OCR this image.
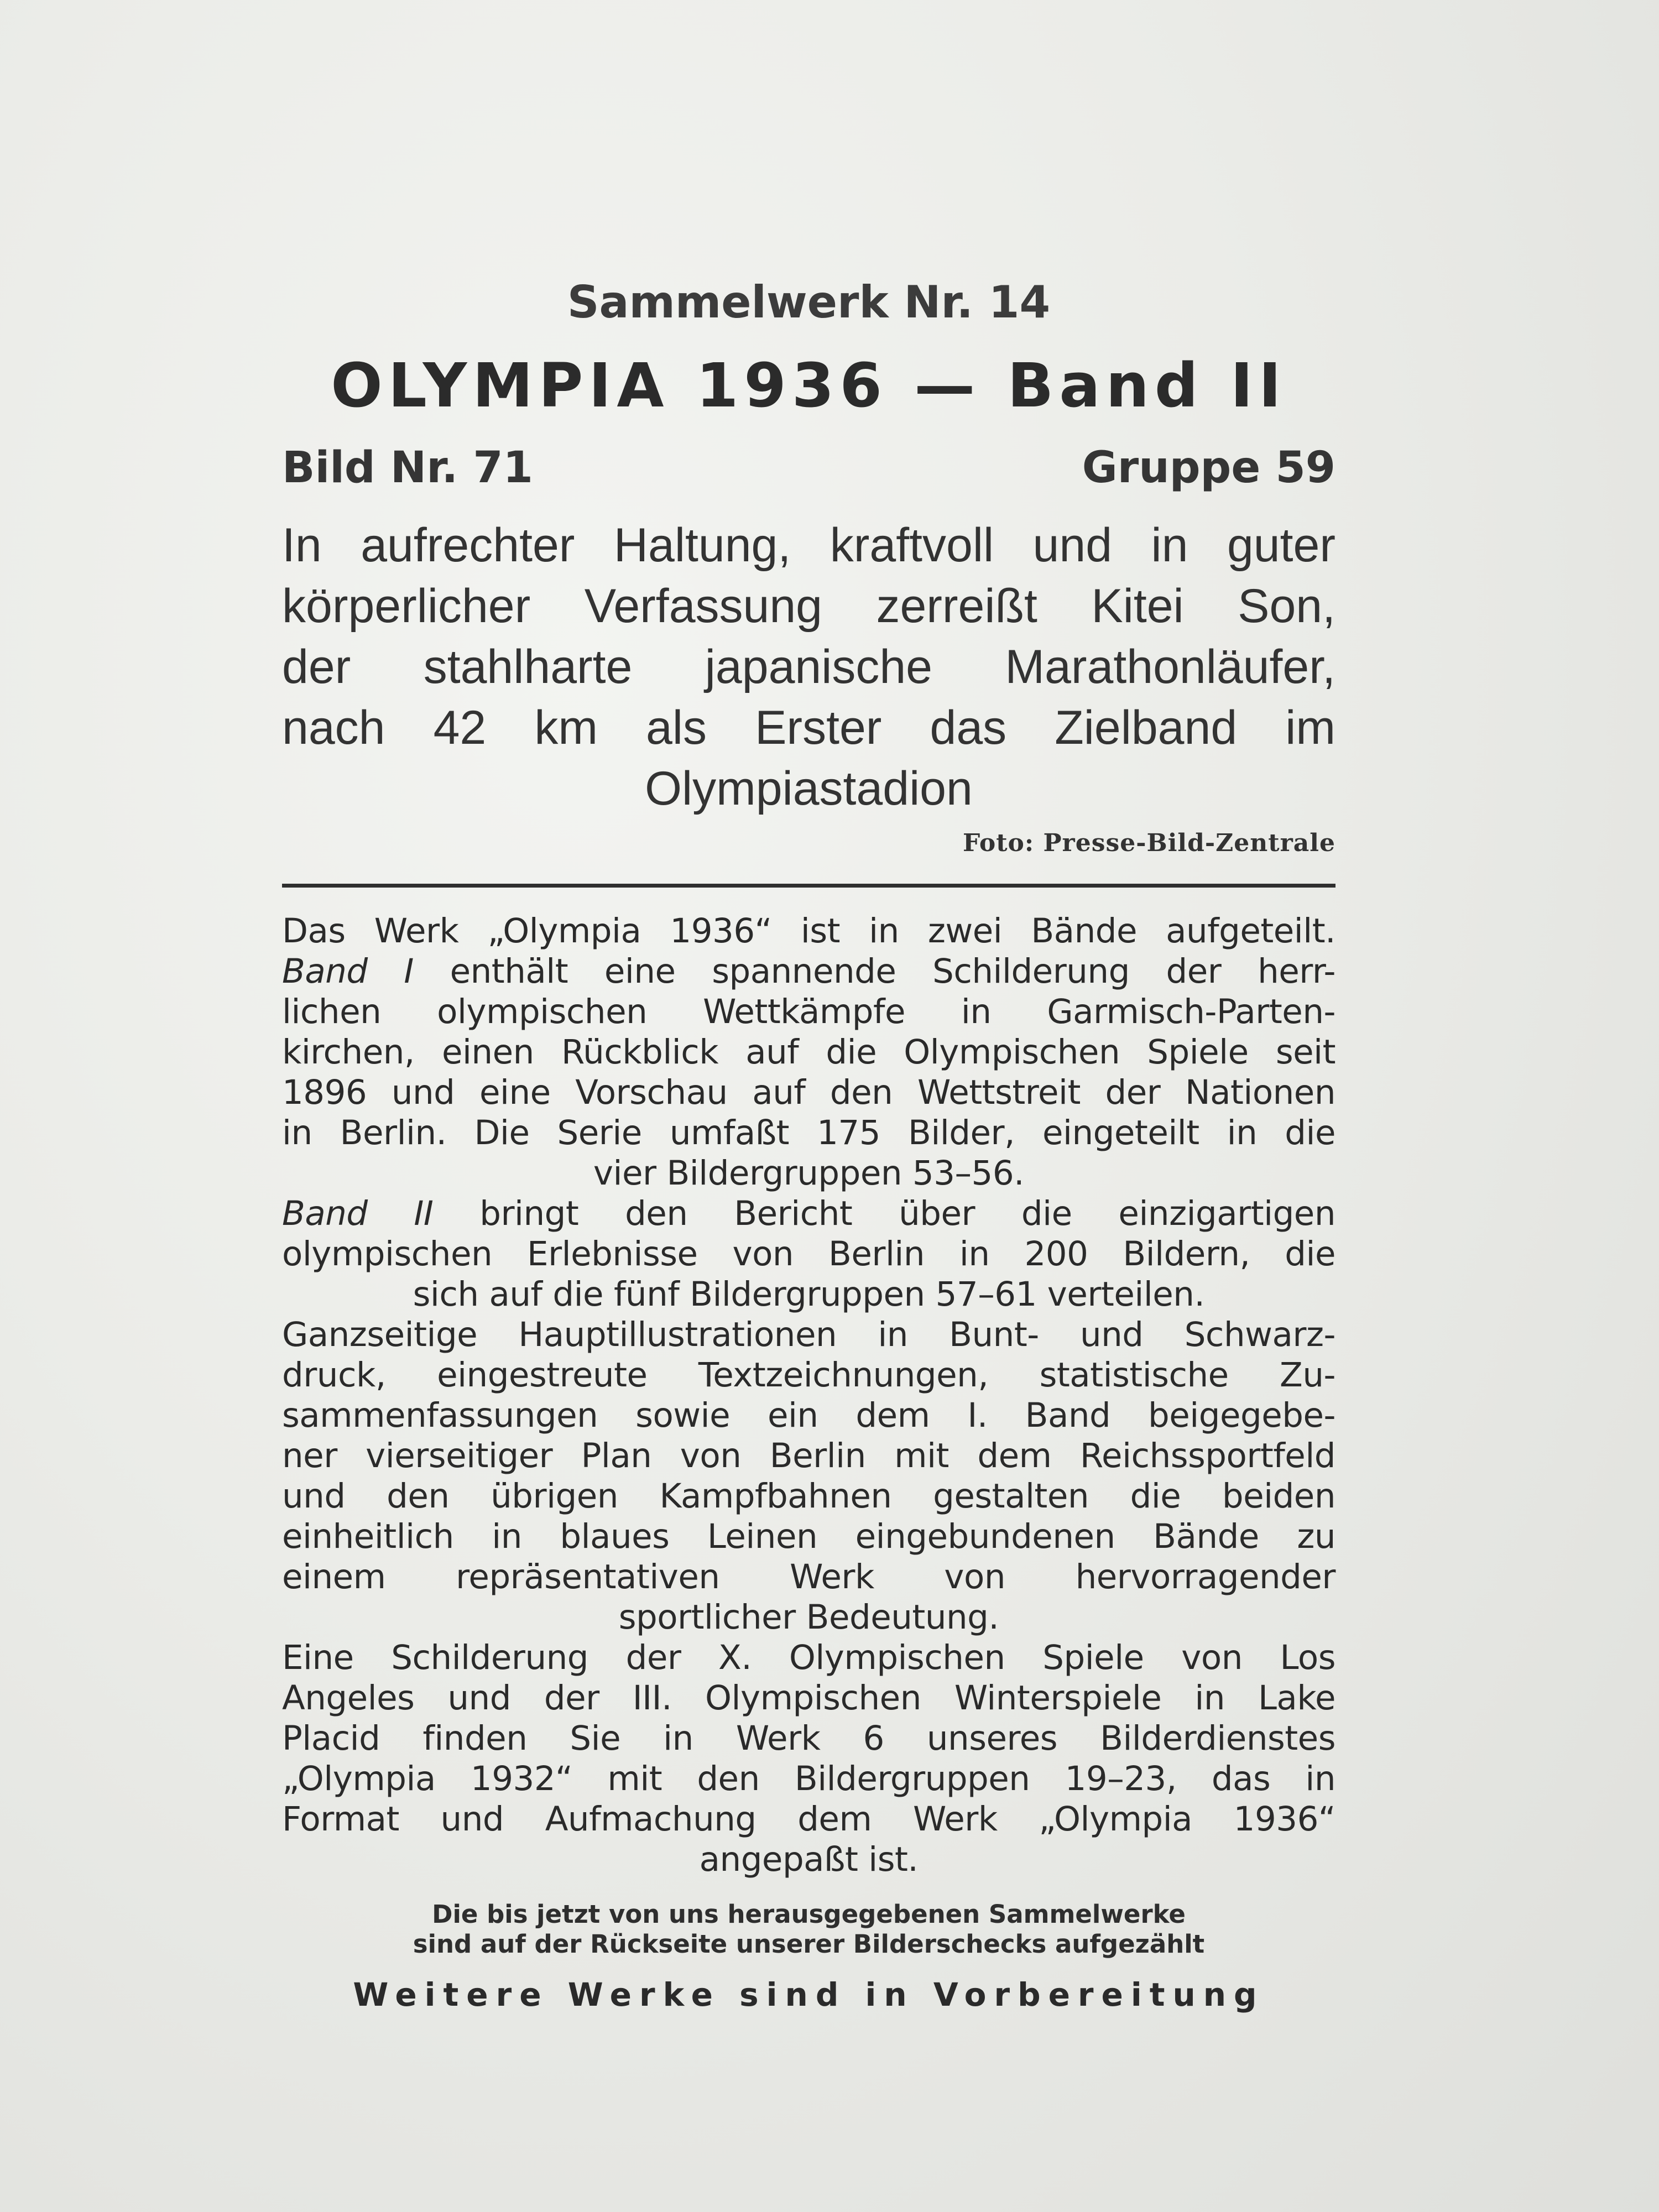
Sammelwerk Nr. 14
OLYMPIA 1936 — Band II
Bild Nr. 71	Gruppe 59
In aufrechter Haltung, kraftvoll und in guter
körperlicher Verfassung zerreißt Kitei Son,
der stahlharte japanische Marathonläufer,
nach 42 km als Erster das Zielband im
Olympiastadion
Foto: Presse-Bild-Zentrale
Das Werk „Olympia 1936“ ist in zwei Bände aufgeteilt.
Band I enthält eine spannende Schilderung der herr-
lichen olympischen Wettkämpfe in Garmisch-Parten-
kirchen, einen Rückblick auf die Olympischen Spiele seit
1896 und eine Vorschau auf den Wettstreit der Nationen
in Berlin. Die Serie umfaßt 175 Bilder, eingeteilt in die
vier Bildergruppen 53–56.
Band II bringt den Bericht über die einzigartigen
olympischen Erlebnisse von Berlin in 200 Bildern, die
sich auf die fünf Bildergruppen 57–61 verteilen.
Ganzseitige Hauptillustrationen in Bunt- und Schwarz-
druck, eingestreute Textzeichnungen, statistische Zu-
sammenfassungen sowie ein dem I. Band beigegebe-
ner vierseitiger Plan von Berlin mit dem Reichssportfeld
und den übrigen Kampfbahnen gestalten die beiden
einheitlich in blaues Leinen eingebundenen Bände zu
einem repräsentativen Werk von hervorragender
sportlicher Bedeutung.
Eine Schilderung der X. Olympischen Spiele von Los
Angeles und der III. Olympischen Winterspiele in Lake
Placid finden Sie in Werk 6 unseres Bilderdienstes
„Olympia 1932“ mit den Bildergruppen 19–23, das in
Format und Aufmachung dem Werk „Olympia 1936“
angepaßt ist.
Die bis jetzt von uns herausgegebenen Sammelwerke
sind auf der Rückseite unserer Bilderschecks aufgezählt
Weitere Werke sind in Vorbereitung
